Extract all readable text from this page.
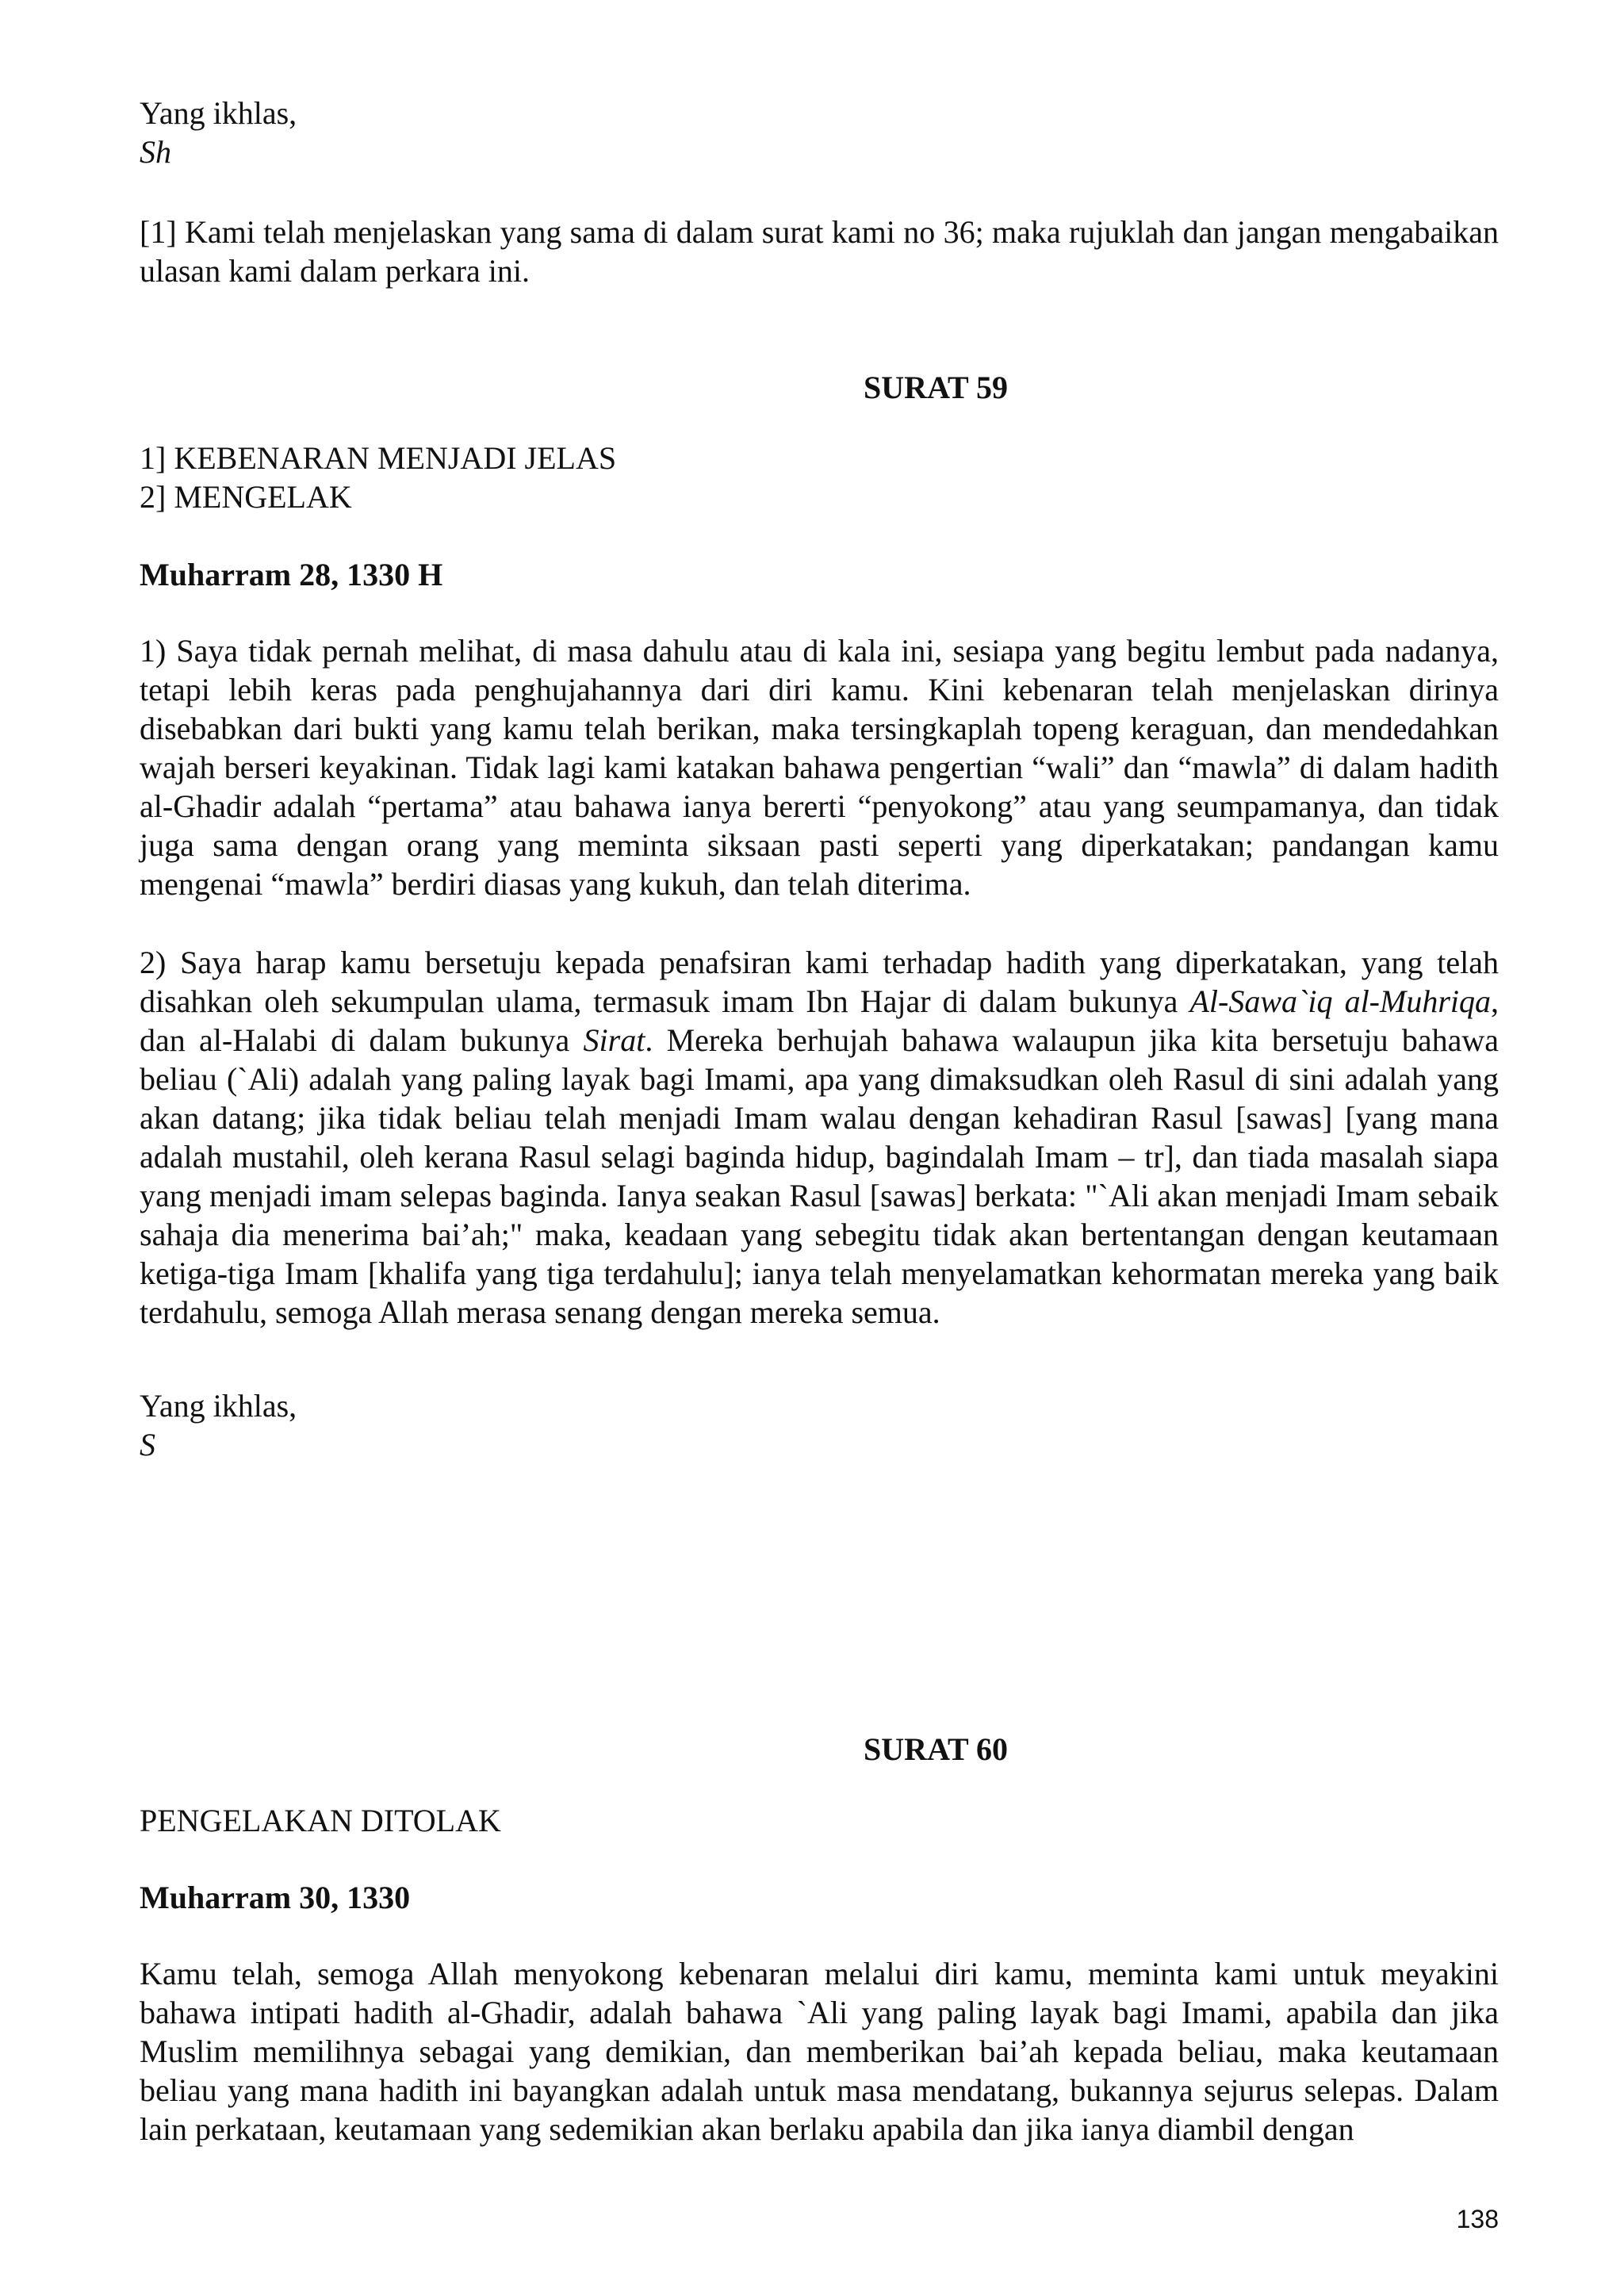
Yang ikhlas,
Sh

[1] Kami telah menjelaskan yang sama di dalam surat kami no 36; maka rujuklah dan jangan mengabaikan ulasan kami dalam perkara ini.

SURAT 59
1] KEBENARAN MENJADI JELAS
2] MENGELAK
Muharram 28, 1330 H

1) Saya tidak pernah melihat, di masa dahulu atau di kala ini, sesiapa yang begitu lembut pada nadanya, tetapi lebih keras pada penghujahannya dari diri kamu. Kini kebenaran telah menjelaskan dirinya disebabkan dari bukti yang kamu telah berikan, maka tersingkaplah topeng keraguan, dan mendedahkan wajah berseri keyakinan. Tidak lagi kami katakan bahawa pengertian “wali” dan “mawla” di dalam hadith al-Ghadir adalah “pertama” atau bahawa ianya bererti “penyokong” atau yang seumpamanya, dan tidak juga sama dengan orang yang meminta siksaan pasti seperti yang diperkatakan; pandangan kamu mengenai “mawla” berdiri diasas yang kukuh, dan telah diterima.

2) Saya harap kamu bersetuju kepada penafsiran kami terhadap hadith yang diperkatakan, yang telah disahkan oleh sekumpulan ulama, termasuk imam Ibn Hajar di dalam bukunya Al-Sawa`iq al-Muhriqa, dan al-Halabi di dalam bukunya Sirat. Mereka berhujah bahawa walaupun jika kita bersetuju bahawa beliau (`Ali) adalah yang paling layak bagi Imami, apa yang dimaksudkan oleh Rasul di sini adalah yang akan datang; jika tidak beliau telah menjadi Imam walau dengan kehadiran Rasul [sawas] [yang mana adalah mustahil, oleh kerana Rasul selagi baginda hidup, bagindalah Imam – tr], dan tiada masalah siapa yang menjadi imam selepas baginda. Ianya seakan Rasul [sawas] berkata: "`Ali akan menjadi Imam sebaik sahaja dia menerima bai’ah;" maka, keadaan yang sebegitu tidak akan bertentangan dengan keutamaan ketiga-tiga Imam [khalifa yang tiga terdahulu]; ianya telah menyelamatkan kehormatan mereka yang baik terdahulu, semoga Allah merasa senang dengan mereka semua.

Yang ikhlas,
S
SURAT 60
PENGELAKAN DITOLAK
Muharram 30, 1330

Kamu telah, semoga Allah menyokong kebenaran melalui diri kamu, meminta kami untuk meyakini bahawa intipati hadith al-Ghadir, adalah bahawa `Ali yang paling layak bagi Imami, apabila dan jika Muslim memilihnya sebagai yang demikian, dan memberikan bai’ah kepada beliau, maka keutamaan beliau yang mana hadith ini bayangkan adalah untuk masa mendatang, bukannya sejurus selepas. Dalam lain perkataan, keutamaan yang sedemikian akan berlaku apabila dan jika ianya diambil dengan

138
